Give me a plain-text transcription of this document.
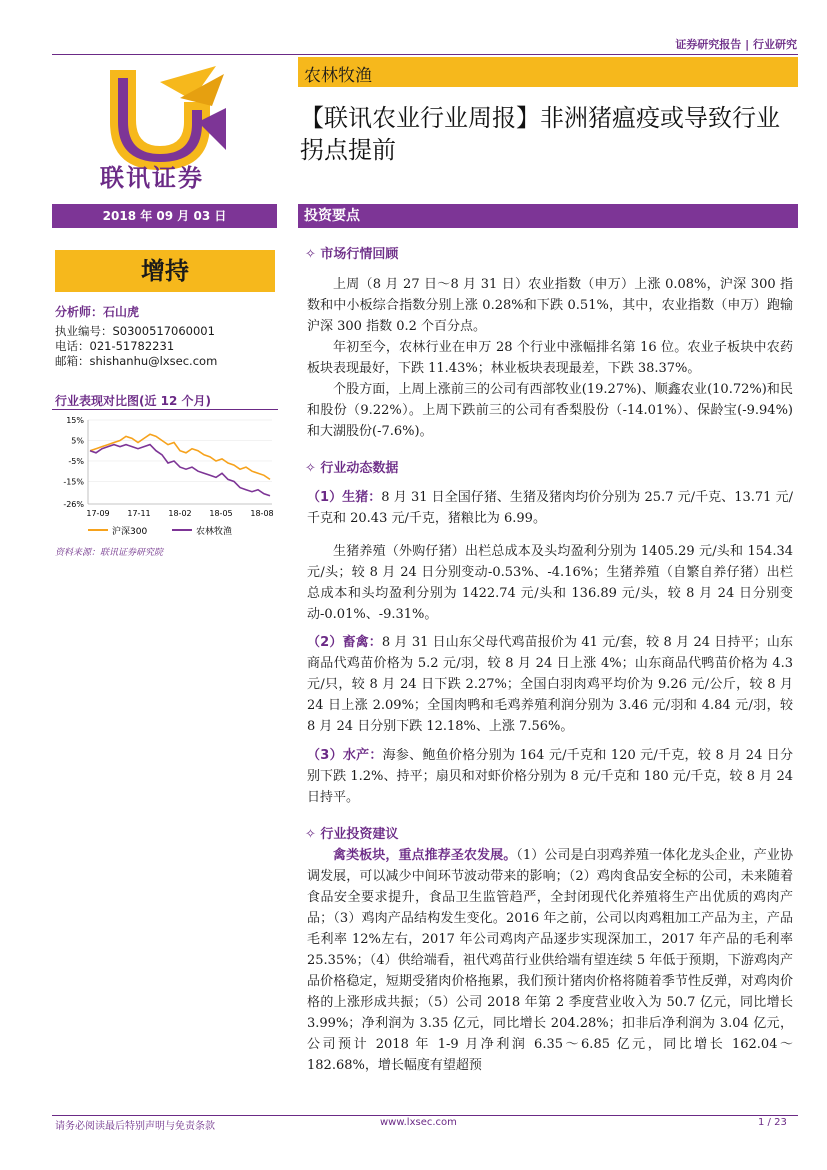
证券研究报告 | 行业研究
农林牧渔
联讯证券
【联讯农业行业周报】非洲猪瘟疫或导致行业拐点提前
2018 年 09 月 03 日
增持
分析师：石山虎
执业编号：S0300517060001
电话：021-51782231
邮箱：shishanhu@lxsec.com
行业表现对比图(近 12 个月)
15%
5%
-5%
-15%
-26%
17-09 17-11 18-02 18-05 18-08
沪深300	农林牧渔
资料来源：联讯证券研究院
投资要点
✧ 市场行情回顾
上周（8 月 27 日～8 月 31 日）农业指数（申万）上涨 0.08%，沪深 300 指数和中小板综合指数分别上涨 0.28%和下跌 0.51%，其中，农业指数（申万）跑输沪深 300 指数 0.2 个百分点。
年初至今，农林行业在申万 28 个行业中涨幅排名第 16 位。农业子板块中农药板块表现最好，下跌 11.43%；林业板块表现最差，下跌 38.37%。
个股方面，上周上涨前三的公司有西部牧业(19.27%)、顺鑫农业(10.72%)和民和股份（9.22%）。上周下跌前三的公司有香梨股份（-14.01%）、保龄宝(-9.94%)和大湖股份(-7.6%)。
✧ 行业动态数据
（1）生猪：8 月 31 日全国仔猪、生猪及猪肉均价分别为 25.7 元/千克、13.71 元/千克和 20.43 元/千克，猪粮比为 6.99。
生猪养殖（外购仔猪）出栏总成本及头均盈利分别为 1405.29 元/头和 154.34 元/头；较 8 月 24 日分别变动-0.53%、-4.16%；生猪养殖（自繁自养仔猪）出栏总成本和头均盈利分别为 1422.74 元/头和 136.89 元/头，较 8 月 24 日分别变动-0.01%、-9.31%。
（2）畜禽：8 月 31 日山东父母代鸡苗报价为 41 元/套，较 8 月 24 日持平；山东商品代鸡苗价格为 5.2 元/羽，较 8 月 24 日上涨 4%；山东商品代鸭苗价格为 4.3 元/只，较 8 月 24 日下跌 2.27%；全国白羽肉鸡平均价为 9.26 元/公斤，较 8 月 24 日上涨 2.09%；全国肉鸭和毛鸡养殖利润分别为 3.46 元/羽和 4.84 元/羽，较 8 月 24 日分别下跌 12.18%、上涨 7.56%。
（3）水产：海参、鲍鱼价格分别为 164 元/千克和 120 元/千克，较 8 月 24 日分别下跌 1.2%、持平；扇贝和对虾价格分别为 8 元/千克和 180 元/千克，较 8 月 24 日持平。
✧ 行业投资建议
禽类板块，重点推荐圣农发展。（1）公司是白羽鸡养殖一体化龙头企业，产业协调发展，可以减少中间环节波动带来的影响；（2）鸡肉食品安全标的公司，未来随着食品安全要求提升，食品卫生监管趋严，全封闭现代化养殖将生产出优质的鸡肉产品；（3）鸡肉产品结构发生变化。2016 年之前，公司以肉鸡粗加工产品为主，产品毛利率 12%左右，2017 年公司鸡肉产品逐步实现深加工，2017 年产品的毛利率 25.35%；（4）供给端看，祖代鸡苗行业供给端有望连续 5 年低于预期，下游鸡肉产品价格稳定，短期受猪肉价格拖累，我们预计猪肉价格将随着季节性反弹，对鸡肉价格的上涨形成共振；（5）公司 2018 年第 2 季度营业收入为 50.7 亿元，同比增长 3.99%；净利润为 3.35 亿元，同比增长 204.28%；扣非后净利润为 3.04 亿元，公司预计 2018 年 1-9 月净利润 6.35～6.85 亿元，同比增长 162.04～182.68%，增长幅度有望超预
请务必阅读最后特别声明与免责条款	www.lxsec.com	1 / 23
